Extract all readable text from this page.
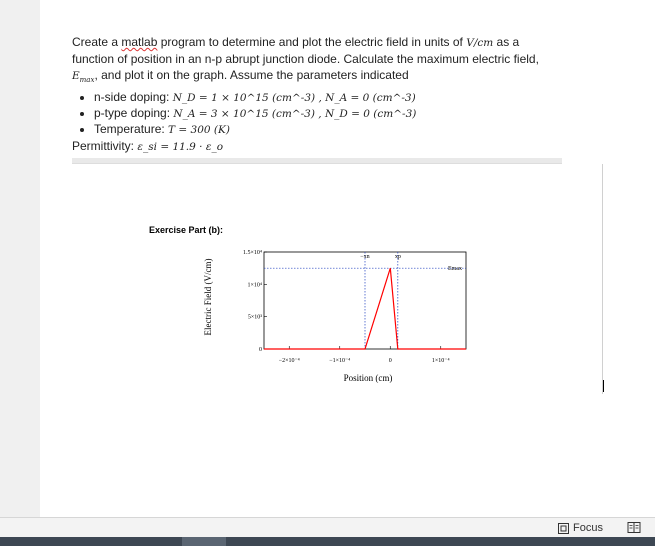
Create a matlab program to determine and plot the electric field in units of V/cm as a

function of position in an n-p abrupt junction diode. Calculate the maximum electric field,

$E_{max}$, and plot it on the graph. Assume the parameters indicated

• n-side doping: N_D = 1 × 10^15 (cm^-3) , N_A = 0 (cm^-3)
• p-type doping: N_A = 3 × 10^15 (cm^-3) , N_D = 0 (cm^-3)
• Temperature: T = 300 (K)

Permittivity: ε_si = 11.9 · ε_o

Exercise Part (b):
Electric Field (V/cm)
Position (cm)
0
5×10³
1×10⁴
1.5×10⁴
−2×10⁻⁴	−1×10⁻⁴	0	1×10⁻⁴
−xn	xp
Emax
Focus
